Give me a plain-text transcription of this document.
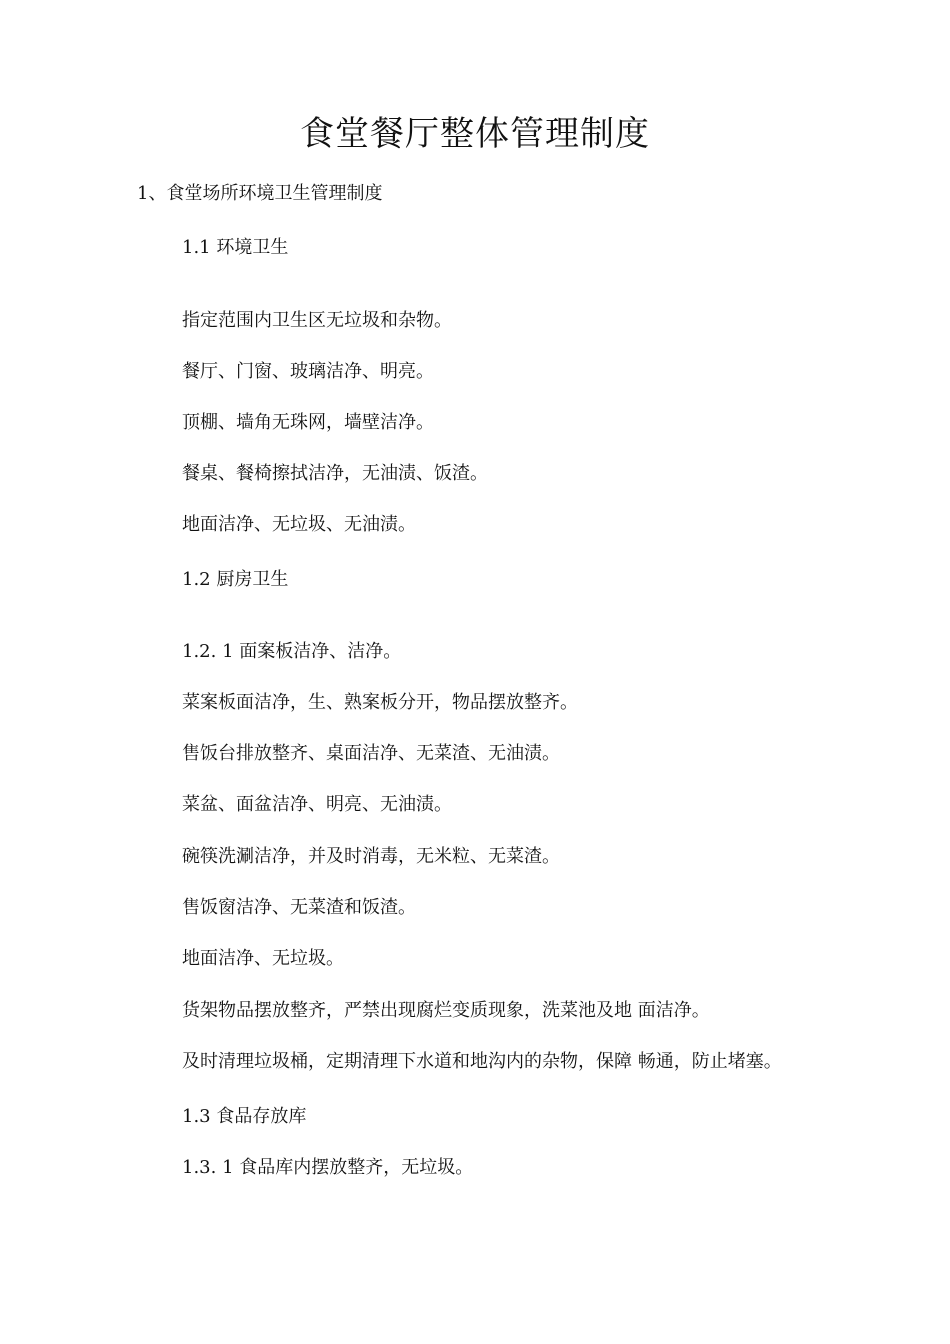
食堂餐厅整体管理制度
1、食堂场所环境卫生管理制度
1.1 环境卫生
指定范围内卫生区无垃圾和杂物。
餐厅、门窗、玻璃洁净、明亮。
顶棚、墙角无珠网，墙壁洁净。
餐桌、餐椅擦拭洁净，无油渍、饭渣。
地面洁净、无垃圾、无油渍。
1.2 厨房卫生
1.2. 1 面案板洁净、洁净。
菜案板面洁净，生、熟案板分开，物品摆放整齐。
售饭台排放整齐、桌面洁净、无菜渣、无油渍。
菜盆、面盆洁净、明亮、无油渍。
碗筷洗涮洁净，并及时消毒，无米粒、无菜渣。
售饭窗洁净、无菜渣和饭渣。
地面洁净、无垃圾。
货架物品摆放整齐，严禁出现腐烂变质现象，洗菜池及地 面洁净。
及时清理垃圾桶，定期清理下水道和地沟内的杂物，保障 畅通，防止堵塞。
1.3 食品存放库
1.3. 1 食品库内摆放整齐，无垃圾。
